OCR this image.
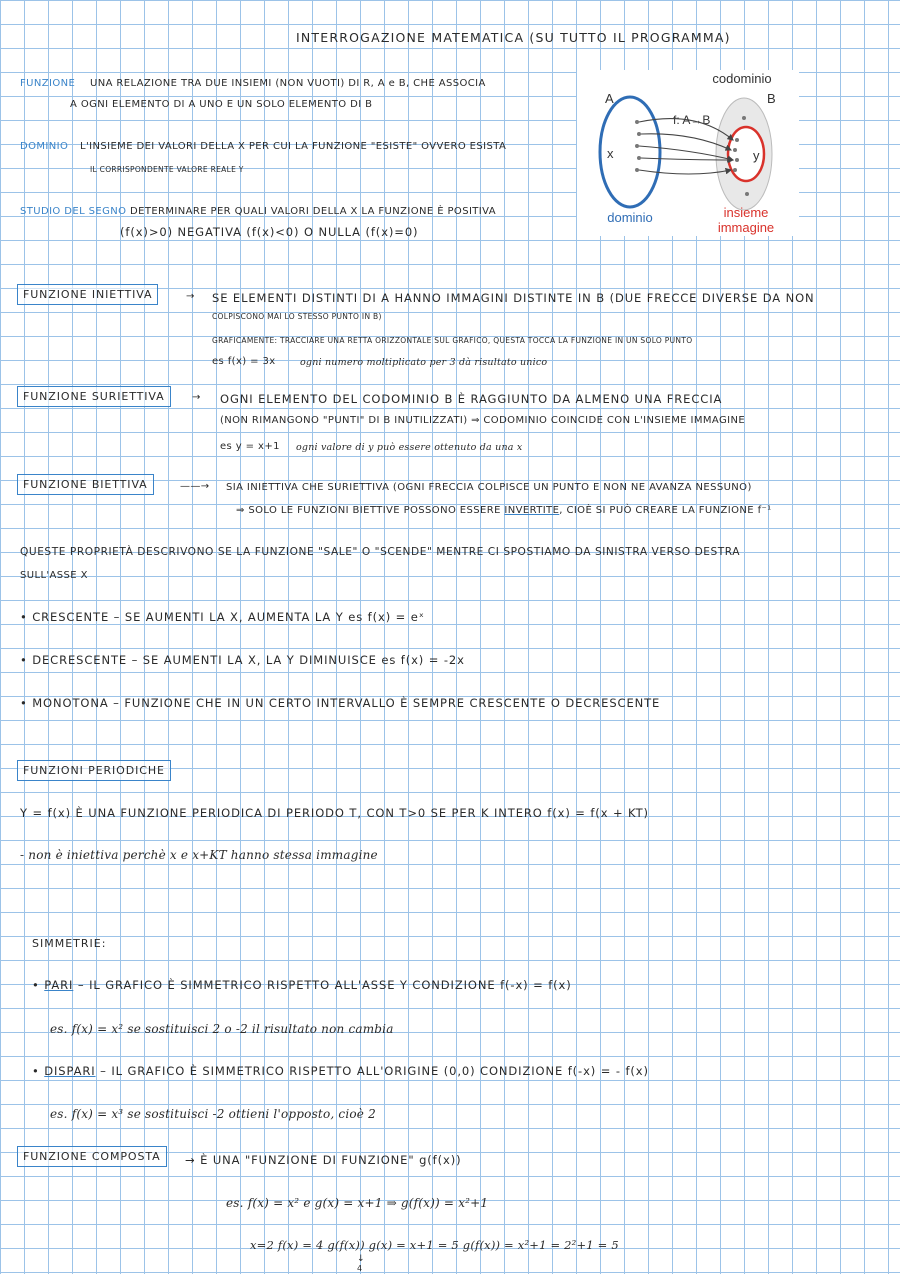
INTERROGAZIONE MATEMATICA (SU TUTTO IL PROGRAMMA)
FUNZIONE UNA RELAZIONE TRA DUE INSIEMI (NON VUOTI) DI R, A e B, CHE ASSOCIA
A OGNI ELEMENTO DI A UNO E UN SOLO ELEMENTO DI B
DOMINIO L'INSIEME DEI VALORI DELLA X PER CUI LA FUNZIONE "ESISTE" OVVERO ESISTA
IL CORRISPONDENTE VALORE REALE Y
STUDIO DEL SEGNO DETERMINARE PER QUALI VALORI DELLA X LA FUNZIONE È POSITIVA
(f(x)>0) NEGATIVA (f(x)<0) O NULLA (f(x)=0)
codominio
A	B
f: A→B
x	y
dominio	insieme
immagine
FUNZIONE INIETTIVA	→ SE ELEMENTI DISTINTI DI A HANNO IMMAGINI DISTINTE IN B (DUE FRECCE DIVERSE DA NON
COLPISCONO MAI LO STESSO PUNTO IN B)
GRAFICAMENTE: TRACCIARE UNA RETTA ORIZZONTALE SUL GRAFICO, QUESTA TOCCA LA FUNZIONE IN UN SOLO PUNTO
es f(x) = 3x	ogni numero moltiplicato per 3 dà risultato unico
FUNZIONE SURIETTIVA	→ OGNI ELEMENTO DEL CODOMINIO B È RAGGIUNTO DA ALMENO UNA FRECCIA
(NON RIMANGONO "PUNTI" DI B INUTILIZZATI) ⇒ CODOMINIO COINCIDE CON L'INSIEME IMMAGINE
es y = x+1 ogni valore di y può essere ottenuto da una x
FUNZIONE BIETTIVA	——→ SIA INIETTIVA CHE SURIETTIVA (OGNI FRECCIA COLPISCE UN PUNTO E NON NE AVANZA NESSUNO)
⇒ SOLO LE FUNZIONI BIETTIVE POSSONO ESSERE INVERTITE, CIOÈ SI PUÒ CREARE LA FUNZIONE f⁻¹
QUESTE PROPRIETÀ DESCRIVONO SE LA FUNZIONE "SALE" O "SCENDE" MENTRE CI SPOSTIAMO DA SINISTRA VERSO DESTRA
SULL'ASSE X
• CRESCENTE – SE AUMENTI LA X, AUMENTA LA Y es f(x) = eˣ
• DECRESCENTE – SE AUMENTI LA X, LA Y DIMINUISCE es f(x) = -2x
• MONOTONA – FUNZIONE CHE IN UN CERTO INTERVALLO È SEMPRE CRESCENTE O DECRESCENTE
FUNZIONI PERIODICHE
Y = f(x) È UNA FUNZIONE PERIODICA DI PERIODO T, CON T>0 SE PER K INTERO f(x) = f(x + KT)
- non è iniettiva perchè x e x+KT hanno stessa immagine
SIMMETRIE:
• PARI – IL GRAFICO È SIMMETRICO RISPETTO ALL'ASSE Y CONDIZIONE f(-x) = f(x)
es. f(x) = x² se sostituisci 2 o -2 il risultato non cambia
• DISPARI – IL GRAFICO È SIMMETRICO RISPETTO ALL'ORIGINE (0,0) CONDIZIONE f(-x) = - f(x)
es. f(x) = x³ se sostituisci -2 ottieni l'opposto, cioè 2
FUNZIONE COMPOSTA	→ È UNA "FUNZIONE DI FUNZIONE" g(f(x))
es. f(x) = x² e g(x) = x+1 ⇒ g(f(x)) = x²+1
x=2 f(x) = 4 g(f(x)) g(x) = x+1 = 5 g(f(x)) = x²+1 = 2²+1 = 5
↓
4
